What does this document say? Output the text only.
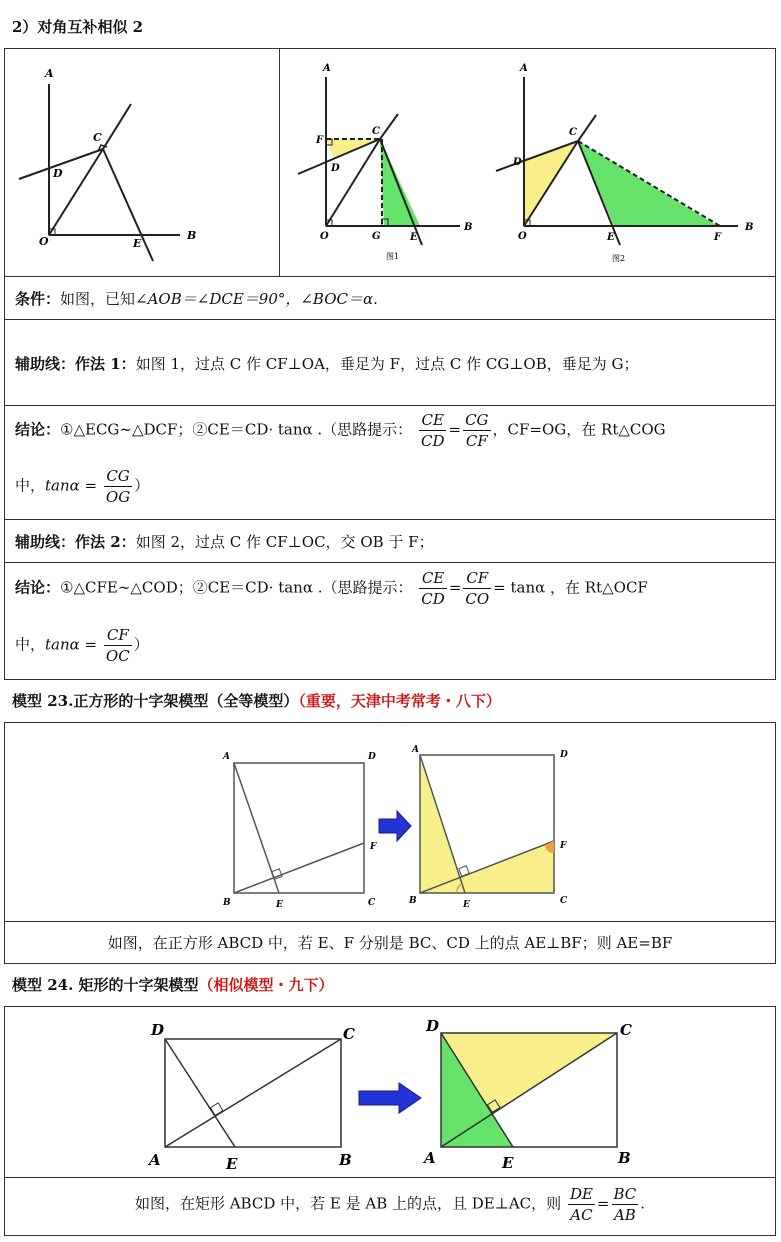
2）对角互补相似 2
A
B
C
D
E
O
A
B
C
F
D
O	G	E
图1
A
B
C
D
O	E	F
图2
条件：如图，已知∠AOB＝∠DCE＝90°，∠BOC＝α.
辅助线：作法 1：如图 1，过点 C 作 CF⊥OA，垂足为 F，过点 C 作 CG⊥OB，垂足为 G；
结论：①△ECG∼△DCF；②CE＝CD· tanα .（思路提示： $\frac{CE}{CD} = \frac{CG}{CF}$ ，CF=OG，在 Rt△COG
中，$\tan\alpha = \frac{CG}{OG}$ ）
辅助线：作法 2：如图 2，过点 C 作 CF⊥OC，交 OB 于 F；
结论：①△CFE∼△COD；②CE＝CD· tanα .（思路提示： $\frac{CE}{CD} = \frac{CF}{CO} = \tan\alpha$ ，在 Rt△OCF
中，$\tan\alpha = \frac{CF}{OC}$ ）
模型 23.正方形的十字架模型（全等模型）（重要，天津中考常考・八下）
A	D
B	C
E
F
A	D
B	C
E
F
如图，在正方形 ABCD 中，若 E、F 分别是 BC、CD 上的点 AE⊥BF；则 AE=BF
模型 24. 矩形的十字架模型（相似模型・九下）
D	C
A	B
E
D	C
A	B
E
如图，在矩形 ABCD 中，若 E 是 AB 上的点，且 DE⊥AC，则 $\frac{DE}{AC} = \frac{BC}{AB}$ .
